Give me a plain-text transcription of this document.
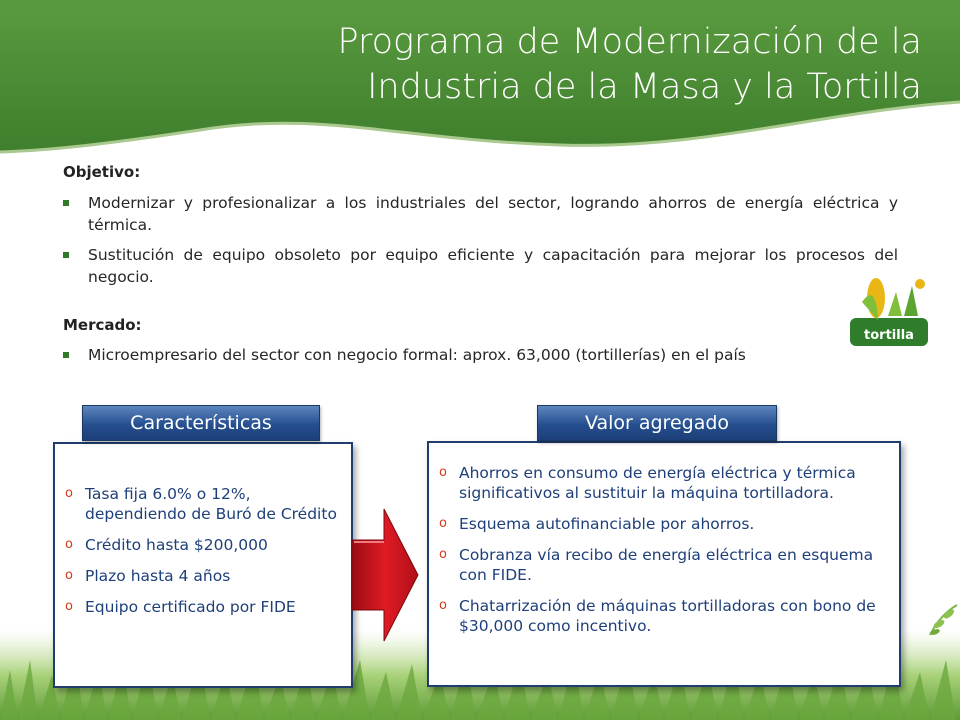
Programa de Modernización de la
Industria de la Masa y la Tortilla
Objetivo:
Modernizar y profesionalizar a los industriales del sector, logrando ahorros de energía eléctrica y térmica.
Sustitución de equipo obsoleto por equipo eficiente y capacitación para mejorar los procesos del negocio.
Mercado:
Microempresario del sector con negocio formal: aprox. 63,000 (tortillerías) en el país
tortilla
o Tasa fija 6.0% o 12%, dependiendo de Buró de Crédito
o Crédito hasta $200,000
o Plazo hasta 4 años
o Equipo certificado por FIDE
Características
o Ahorros en consumo de energía eléctrica y térmica significativos al sustituir la máquina tortilladora.
o Esquema autofinanciable por ahorros.
o Cobranza vía recibo de energía eléctrica en esquema con FIDE.
o Chatarrización de máquinas tortilladoras con bono de $30,000 como incentivo.
Valor agregado
